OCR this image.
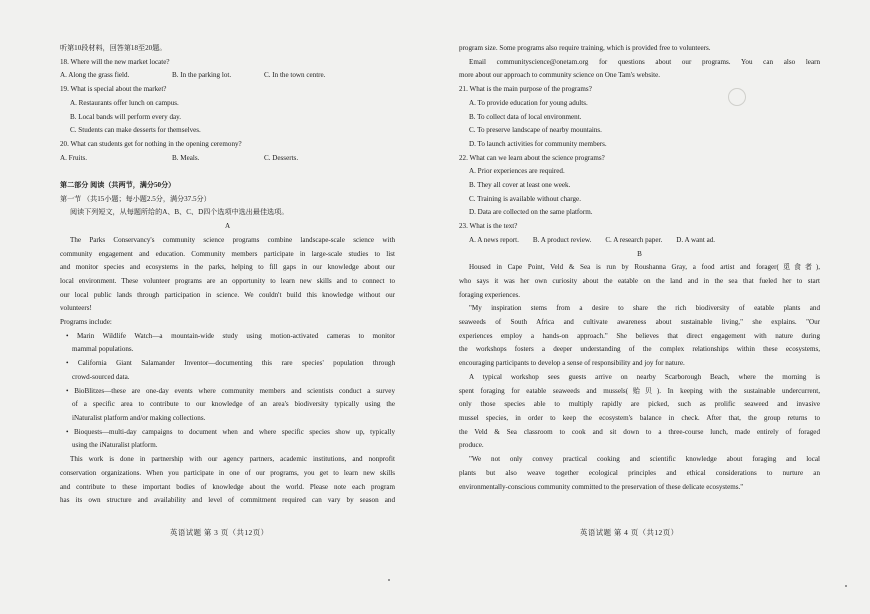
听第10段材料，回答第18至20题。
18. Where will the new market locate?
A. Along the grass field.	B. In the parking lot.	C. In the town centre.
19. What is special about the market?
A. Restaurants offer lunch on campus.
B. Local bands will perform every day.
C. Students can make desserts for themselves.
20. What can students get for nothing in the opening ceremony?
A. Fruits.	B. Meals.	C. Desserts.

第二部分 阅读（共两节，满分50分）
第一节 （共15小题；每小题2.5分，满分37.5分）
阅读下列短文，从每题所给的A、B、C、D四个选项中选出最佳选项。
A
The Parks Conservancy's community science programs combine landscape-scale science with
community engagement and education. Community members participate in large-scale studies to list
and monitor species and ecosystems in the parks, helping to fill gaps in our knowledge about our
local environment. These volunteer programs are an opportunity to learn new skills and to connect to
our local public lands through participation in science. We couldn't build this knowledge without our
volunteers!
Programs include:
• Marin Wildlife Watch—a mountain-wide study using motion-activated cameras to monitor
mammal populations.
• California Giant Salamander Inventor—documenting this rare species' population through
crowd-sourced data.
• BioBlitzes—these are one-day events where community members and scientists conduct a survey
of a specific area to contribute to our knowledge of an area's biodiversity typically using the
iNaturalist platform and/or making collections.
• Bioquests—multi-day campaigns to document when and where specific species show up, typically
using the iNaturalist platform.
This work is done in partnership with our agency partners, academic institutions, and nonprofit
conservation organizations. When you participate in one of our programs, you get to learn new skills
and contribute to these important bodies of knowledge about the world. Please note each program
has its own structure and availability and level of commitment required can vary by season and
英语试题 第 3 页（共12页）
program size. Some programs also require training, which is provided free to volunteers.
Email communityscience@onetam.org for questions about our programs. You can also learn
more about our approach to community science on One Tam's website.
21. What is the main purpose of the programs?
A. To provide education for young adults.
B. To collect data of local environment.
C. To preserve landscape of nearby mountains.
D. To launch activities for community members.
22. What can we learn about the science programs?
A. Prior experiences are required.
B. They all cover at least one week.
C. Training is available without charge.
D. Data are collected on the same platform.
23. What is the text?
A. A news report. B. A product review. C. A research paper. D. A want ad.
B
Housed in Cape Point, Veld & Sea is run by Roushanna Gray, a food artist and forager(觅食者),
who says it was her own curiosity about the eatable on the land and in the sea that fueled her to start
foraging experiences.
"My inspiration stems from a desire to share the rich biodiversity of eatable plants and
seaweeds of South Africa and cultivate awareness about sustainable living," she explains. "Our
experiences employ a hands-on approach." She believes that direct engagement with nature during
the workshops fosters a deeper understanding of the complex relationships within these ecosystems,
encouraging participants to develop a sense of responsibility and joy for nature.
A typical workshop sees guests arrive on nearby Scarborough Beach, where the morning is
spent foraging for eatable seaweeds and mussels(贻贝). In keeping with the sustainable undercurrent,
only those species able to multiply rapidly are picked, such as prolific seaweed and invasive
mussel species, in order to keep the ecosystem's balance in check. After that, the group returns to
the Veld & Sea classroom to cook and sit down to a three-course lunch, made entirely of foraged
produce.
"We not only convey practical cooking and scientific knowledge about foraging and local
plants but also weave together ecological principles and ethical considerations to nurture an
environmentally-conscious community committed to the preservation of these delicate ecosystems."
英语试题 第 4 页（共12页）
